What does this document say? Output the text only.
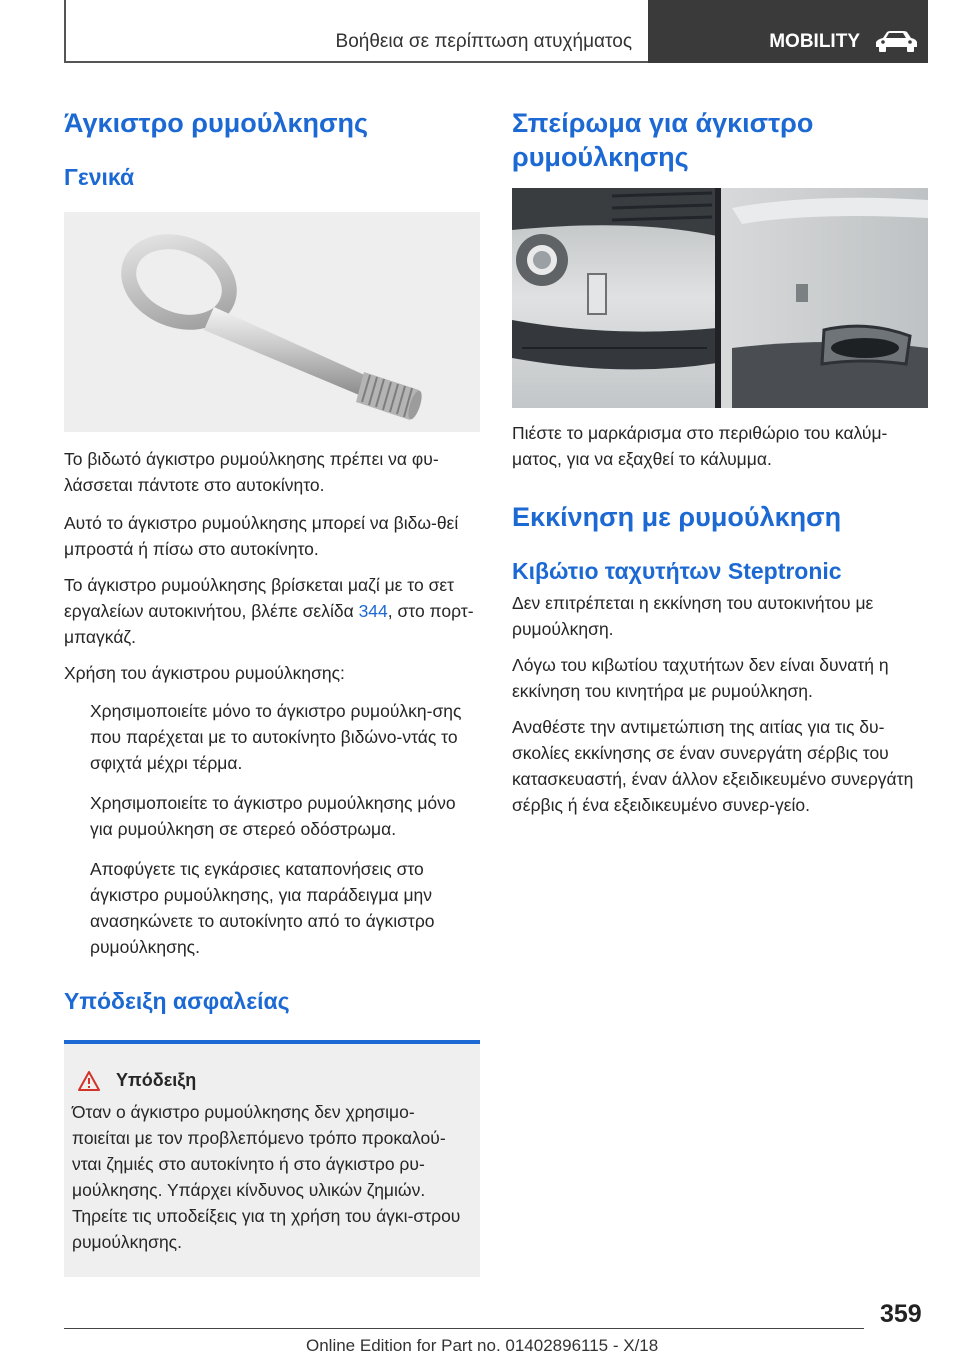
Βοήθεια σε περίπτωση ατυχήματος	MOBILITY
Άγκιστρο ρυμούλκησης
Γενικά

Το βιδωτό άγκιστρο ρυμούλκησης πρέπει να φυ-λάσσεται πάντοτε στο αυτοκίνητο.

Αυτό το άγκιστρο ρυμούλκησης μπορεί να βιδω-θεί μπροστά ή πίσω στο αυτοκίνητο.

Το άγκιστρο ρυμούλκησης βρίσκεται μαζί με το σετ εργαλείων αυτοκινήτου, βλέπε σελίδα 344, στο πορτ-μπαγκάζ.

Χρήση του άγκιστρου ρυμούλκησης:

Χρησιμοποιείτε μόνο το άγκιστρο ρυμούλκη-σης που παρέχεται με το αυτοκίνητο βιδώνο-ντάς το σφιχτά μέχρι τέρμα.
Χρησιμοποιείτε το άγκιστρο ρυμούλκησης μόνο για ρυμούλκηση σε στερεό οδόστρωμα.
Αποφύγετε τις εγκάρσιες καταπονήσεις στο άγκιστρο ρυμούλκησης, για παράδειγμα μην ανασηκώνετε το αυτοκίνητο από το άγκιστρο ρυμούλκησης.
Υπόδειξη ασφαλείας
Υπόδειξη

Όταν ο άγκιστρο ρυμούλκησης δεν χρησιμο-ποιείται με τον προβλεπόμενο τρόπο προκαλού-νται ζημιές στο αυτοκίνητο ή στο άγκιστρο ρυ-μούλκησης. Υπάρχει κίνδυνος υλικών ζημιών. Τηρείτε τις υποδείξεις για τη χρήση του άγκι-στρου ρυμούλκησης.

Σπείρωμα για άγκιστρο ρυμούλκησης

Πιέστε το μαρκάρισμα στο περιθώριο του καλύμ-ματος, για να εξαχθεί το κάλυμμα.

Εκκίνηση με ρυμούλκηση
Κιβώτιο ταχυτήτων Steptronic

Δεν επιτρέπεται η εκκίνηση του αυτοκινήτου με ρυμούλκηση.

Λόγω του κιβωτίου ταχυτήτων δεν είναι δυνατή η εκκίνηση του κινητήρα με ρυμούλκηση.

Αναθέστε την αντιμετώπιση της αιτίας για τις δυ-σκολίες εκκίνησης σε έναν συνεργάτη σέρβις του κατασκευαστή, έναν άλλον εξειδικευμένο συνεργάτη σέρβις ή ένα εξειδικευμένο συνερ-γείο.

359
Online Edition for Part no. 01402896115 - X/18
